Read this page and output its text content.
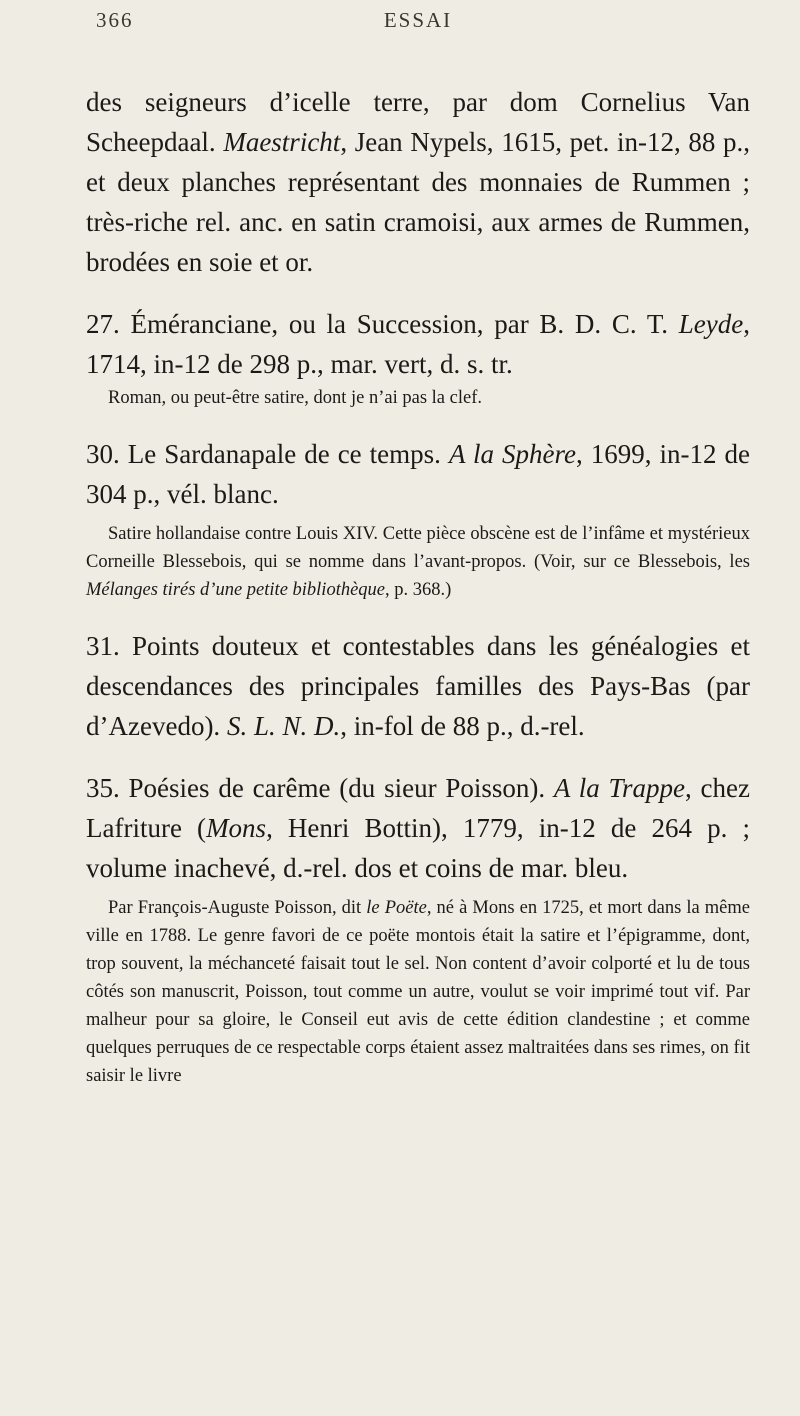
366	ESSAI

des seigneurs d’icelle terre, par dom Cornelius Van Scheepdaal. Maestricht, Jean Nypels, 1615, pet. in-12, 88 p., et deux planches représentant des monnaies de Rummen ; très-riche rel. anc. en satin cramoisi, aux armes de Rummen, brodées en soie et or.

27. Éméranciane, ou la Succession, par B. D. C. T. Leyde, 1714, in-12 de 298 p., mar. vert, d. s. tr.

Roman, ou peut-être satire, dont je n’ai pas la clef.

30. Le Sardanapale de ce temps. A la Sphère, 1699, in-12 de 304 p., vél. blanc.

Satire hollandaise contre Louis XIV. Cette pièce obscène est de l’infâme et mystérieux Corneille Blessebois, qui se nomme dans l’avant-propos. (Voir, sur ce Blessebois, les Mélanges tirés d’une petite bibliothèque, p. 368.)

31. Points douteux et contestables dans les généalogies et descendances des principales familles des Pays-Bas (par d’Azevedo). S. L. N. D., in-fol de 88 p., d.-rel.

35. Poésies de carême (du sieur Poisson). A la Trappe, chez Lafriture (Mons, Henri Bottin), 1779, in-12 de 264 p. ; volume inachevé, d.-rel. dos et coins de mar. bleu.

Par François-Auguste Poisson, dit le Poëte, né à Mons en 1725, et mort dans la même ville en 1788. Le genre favori de ce poëte montois était la satire et l’épigramme, dont, trop souvent, la méchanceté faisait tout le sel. Non content d’avoir colporté et lu de tous côtés son manuscrit, Poisson, tout comme un autre, voulut se voir imprimé tout vif. Par malheur pour sa gloire, le Conseil eut avis de cette édition clandestine ; et comme quelques perruques de ce respectable corps étaient assez maltraitées dans ses rimes, on fit saisir le livre
